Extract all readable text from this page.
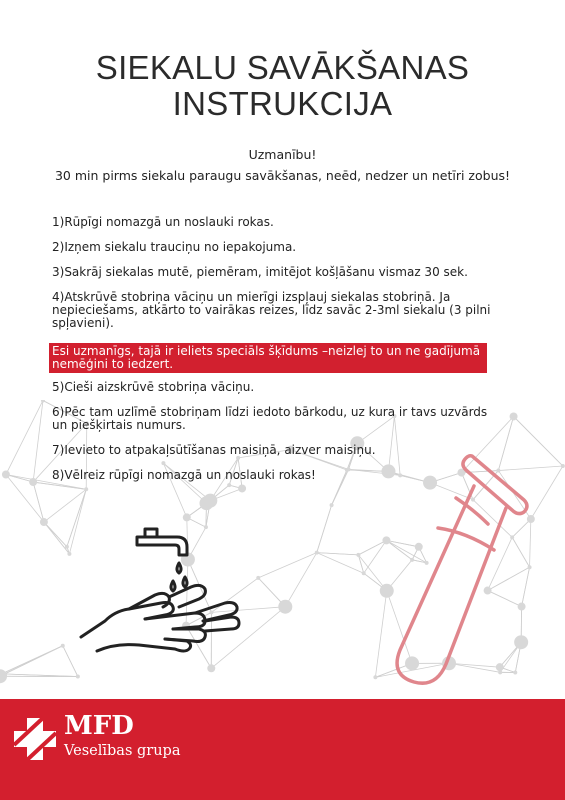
SIEKALU SAVĀKŠANAS
INSTRUKCIJA
Uzmanību!
30 min pirms siekalu paraugu savākšanas, neēd, nedzer un netīri zobus!
1)Rūpīgi nomazgā un noslauki rokas.
2)Izņem siekalu trauciņu no iepakojuma.
3)Sakrāj siekalas mutē, piemēram, imitējot košļāšanu vismaz 30 sek.
4)Atskrūvē stobriņa vāciņu un mierīgi izspļauj siekalas stobriņā. Ja nepieciešams, atkārto to vairākas reizes, līdz savāc 2-3ml siekalu (3 pilni spļavieni).
Esi uzmanīgs, tajā ir ieliets speciāls šķīdums –neizlej to un ne gadījumā nemēģini to iedzert.
5)Cieši aizskrūvē stobriņa vāciņu.
6)Pēc tam uzlīmē stobriņam līdzi iedoto bārkodu, uz kura ir tavs uzvārds un piešķirtais numurs.
7)Ievieto to atpakaļsūtīšanas maisiņā, aizver maisiņu.
8)Vēlreiz rūpīgi nomazgā un noslauki rokas!
MFD
Veselības grupa
